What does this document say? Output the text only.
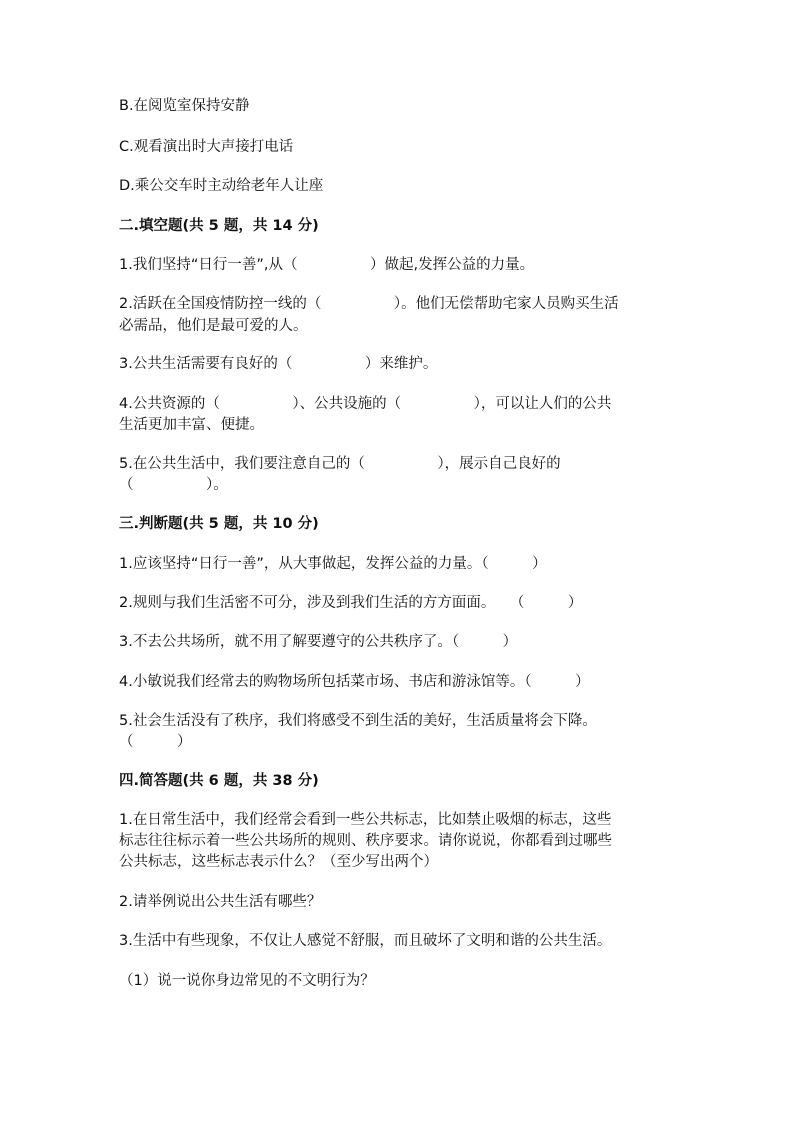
B.在阅览室保持安静

C.观看演出时大声接打电话

D.乘公交车时主动给老年人让座

二.填空题(共 5 题，共 14 分)

1.我们坚持“日行一善”,从（　　　　　）做起,发挥公益的力量。

2.活跃在全国疫情防控一线的（　　　　　）。他们无偿帮助宅家人员购买生活

必需品，他们是最可爱的人。

3.公共生活需要有良好的（　　　　　）来维护。

4.公共资源的（　　　　　）、公共设施的（　　　　　），可以让人们的公共

生活更加丰富、便捷。

5.在公共生活中，我们要注意自己的（　　　　　），展示自己良好的

（　　　　　）。

三.判断题(共 5 题，共 10 分)

1.应该坚持“日行一善”，从大事做起，发挥公益的力量。（　　　）

2.规则与我们生活密不可分，涉及到我们生活的方方面面。　　（　　　）

3.不去公共场所，就不用了解要遵守的公共秩序了。（　　　）

4.小敏说我们经常去的购物场所包括菜市场、书店和游泳馆等。（　　　）

5.社会生活没有了秩序，我们将感受不到生活的美好，生活质量将会下降。

（　　　）

四.简答题(共 6 题，共 38 分)

1.在日常生活中，我们经常会看到一些公共标志，比如禁止吸烟的标志，这些

标志往往标示着一些公共场所的规则、秩序要求。请你说说，你都看到过哪些

公共标志，这些标志表示什么？（至少写出两个）

2.请举例说出公共生活有哪些？

3.生活中有些现象，不仅让人感觉不舒服，而且破坏了文明和谐的公共生活。

（1）说一说你身边常见的不文明行为？
